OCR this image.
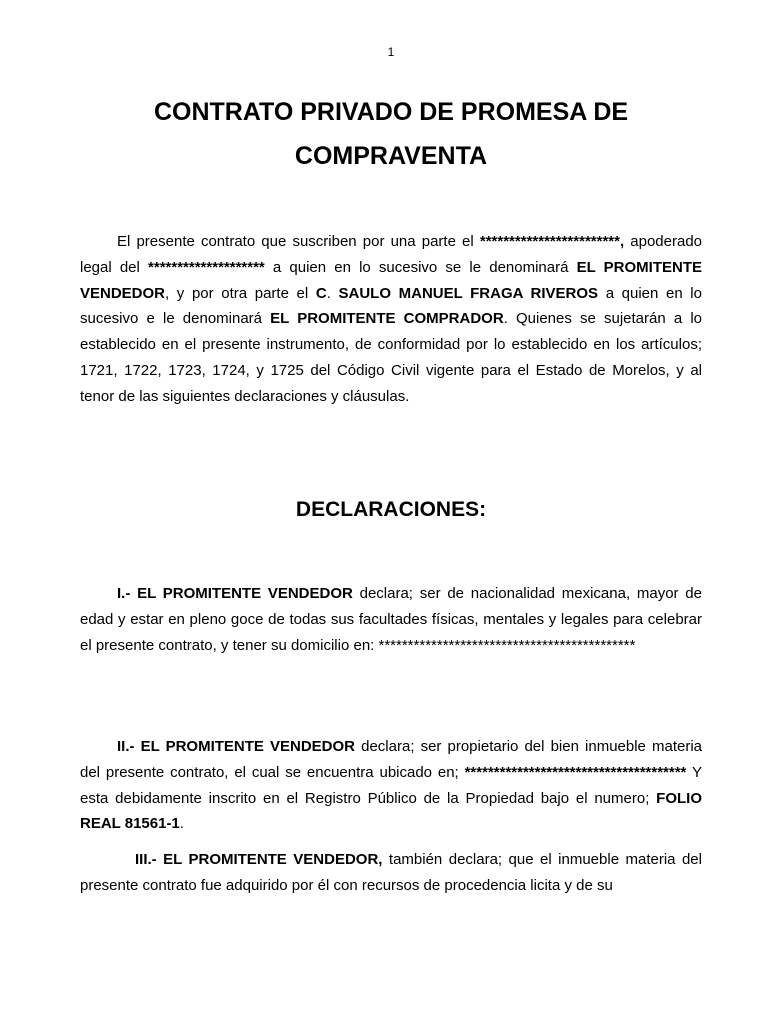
1
CONTRATO PRIVADO DE PROMESA DE
COMPRAVENTA

El presente contrato que suscriben por una parte el ************************, apoderado legal del ******************** a quien en lo sucesivo se le denominará EL PROMITENTE VENDEDOR, y por otra parte el C. SAULO MANUEL FRAGA RIVEROS a quien en lo sucesivo e le denominará EL PROMITENTE COMPRADOR. Quienes se sujetarán a lo establecido en el presente instrumento, de conformidad por lo establecido en los artículos; 1721, 1722, 1723, 1724, y 1725 del Código Civil vigente para el Estado de Morelos, y al tenor de las siguientes declaraciones y cláusulas.

DECLARACIONES:

I.- EL PROMITENTE VENDEDOR declara; ser de nacionalidad mexicana, mayor de edad y estar en pleno goce de todas sus facultades físicas, mentales y legales para celebrar el presente contrato, y tener su domicilio en: ********************************************

II.- EL PROMITENTE VENDEDOR declara; ser propietario del bien inmueble materia del presente contrato, el cual se encuentra ubicado en; ************************************** Y esta debidamente inscrito en el Registro Público de la Propiedad bajo el numero; FOLIO REAL 81561-1.

III.- EL PROMITENTE VENDEDOR, también declara; que el inmueble materia del presente contrato fue adquirido por él con recursos de procedencia licita y de su
